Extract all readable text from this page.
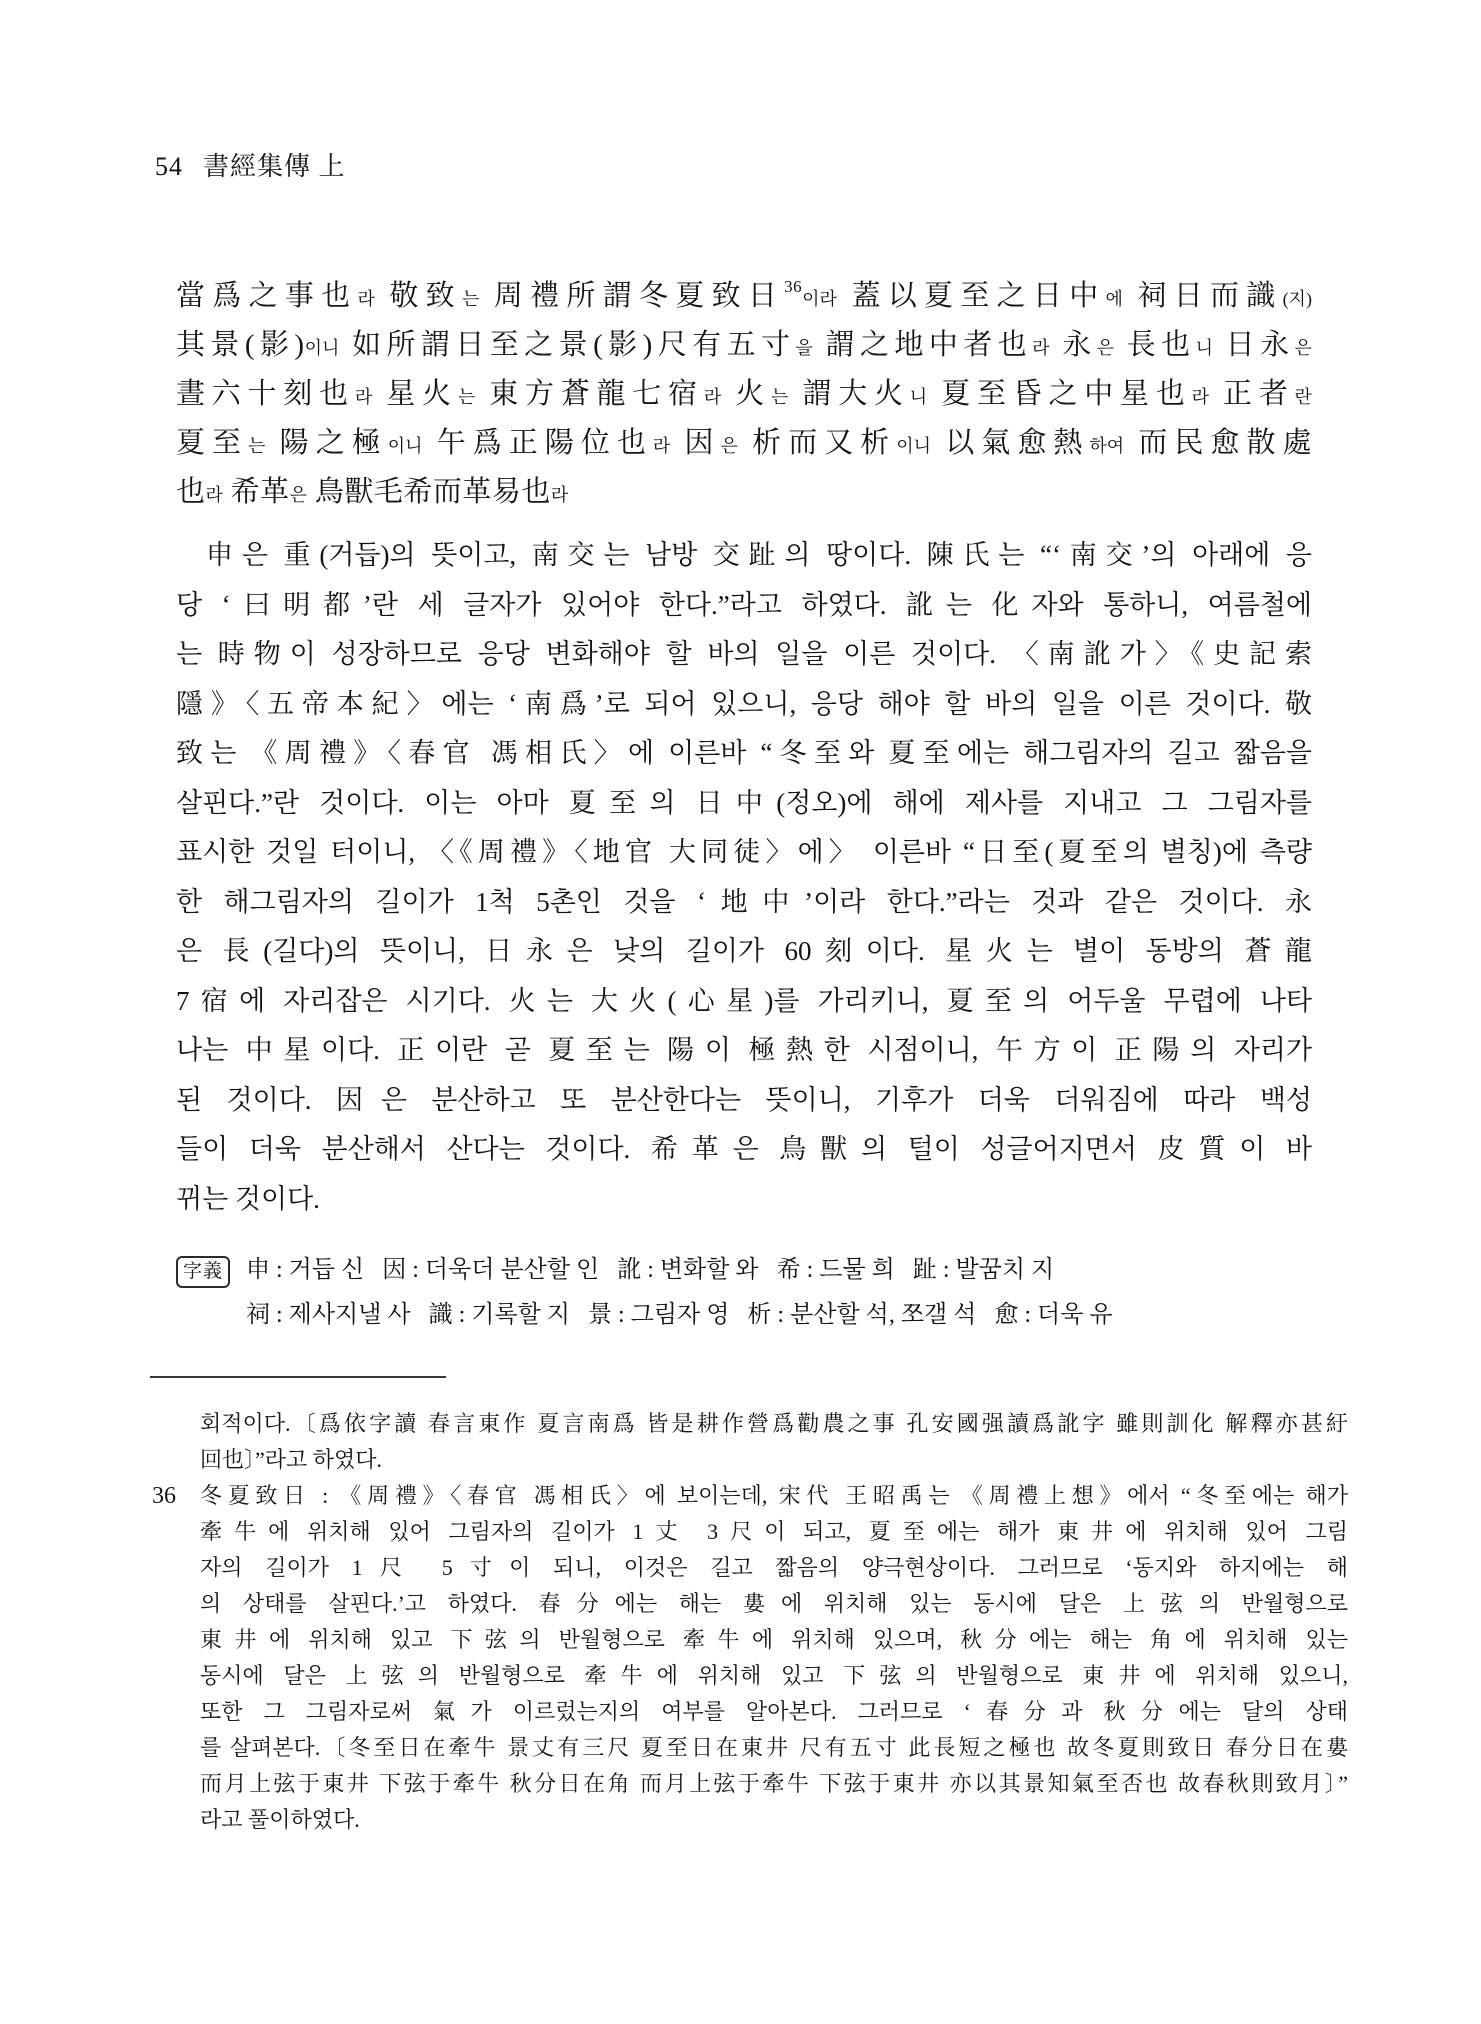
54 書經集傳 上
當爲之事也라 敬致는 周禮所謂冬夏致日$^{36}$이라 蓋以夏至之日中에 祠日而識(지)
其景(影)이니 如所謂日至之景(影)尺有五寸을 謂之地中者也라 永은 長也니 日永은
晝六十刻也라 星火는 東方蒼龍七宿라 火는 謂大火니 夏至昏之中星也라 正者란
夏至는 陽之極이니 午爲正陽位也라 因은 析而又析이니 以氣愈熱하여 而民愈散處
也라 希革은 鳥獸毛希而革易也라
申은 重(거듭)의 뜻이고, 南交는 남방 交趾의 땅이다. 陳氏는 “‘南交’의 아래에 응
당 ‘曰明都’란 세 글자가 있어야 한다.”라고 하였다. 訛는 化자와 통하니, 여름철에
는 時物이 성장하므로 응당 변화해야 할 바의 일을 이른 것이다. 〈南訛가〉《史記索
隱》〈五帝本紀〉에는 ‘南爲’로 되어 있으니, 응당 해야 할 바의 일을 이른 것이다. 敬
致는 《周禮》〈春官 馮相氏〉에 이른바 “冬至와 夏至에는 해그림자의 길고 짧음을
살핀다.”란 것이다. 이는 아마 夏至의 日中(정오)에 해에 제사를 지내고 그 그림자를
표시한 것일 터이니, 〈《周禮》〈地官 大同徒〉에〉 이른바 “日至(夏至의 별칭)에 측량
한 해그림자의 길이가 1척 5촌인 것을 ‘地中’이라 한다.”라는 것과 같은 것이다. 永
은 長(길다)의 뜻이니, 日永은 낮의 길이가 60刻이다. 星火는 별이 동방의 蒼龍
7宿에 자리잡은 시기다. 火는 大火(心星)를 가리키니, 夏至의 어두울 무렵에 나타
나는 中星이다. 正이란 곧 夏至는 陽이 極熱한 시점이니, 午方이 正陽의 자리가
된 것이다. 因은 분산하고 또 분산한다는 뜻이니, 기후가 더욱 더워짐에 따라 백성
들이 더욱 분산해서 산다는 것이다. 希革은 鳥獸의 털이 성글어지면서 皮質이 바
뀌는 것이다.
字義 申 : 거듭 신   因 : 더욱더 분산할 인   訛 : 변화할 와   希 : 드물 희   趾 : 발꿈치 지
祠 : 제사지낼 사   識 : 기록할 지   景 : 그림자 영   析 : 분산할 석, 쪼갤 석   愈 : 더욱 유
회적이다.〔爲依字讀 春言東作 夏言南爲 皆是耕作營爲勸農之事 孔安國强讀爲訛字 雖則訓化 解釋亦甚紆
回也〕”라고 하였다.
36	冬夏致日 : 《周禮》〈春官 馮相氏〉에 보이는데, 宋代 王昭禹는 《周禮上想》에서 “冬至에는 해가
牽牛에 위치해 있어 그림자의 길이가 1丈 3尺이 되고, 夏至에는 해가 東井에 위치해 있어 그림
자의 길이가 1尺 5寸이 되니, 이것은 길고 짧음의 양극현상이다. 그러므로 ‘동지와 하지에는 해
의 상태를 살핀다.’고 하였다. 春分에는 해는 婁에 위치해 있는 동시에 달은 上弦의 반월형으로
東井에 위치해 있고 下弦의 반월형으로 牽牛에 위치해 있으며, 秋分에는 해는 角에 위치해 있는
동시에 달은 上弦의 반월형으로 牽牛에 위치해 있고 下弦의 반월형으로 東井에 위치해 있으니,
또한 그 그림자로써 氣가 이르렀는지의 여부를 알아본다. 그러므로 ‘春分과 秋分에는 달의 상태
를 살펴본다.〔冬至日在牽牛 景丈有三尺 夏至日在東井 尺有五寸 此長短之極也 故冬夏則致日 春分日在婁
而月上弦于東井 下弦于牽牛 秋分日在角 而月上弦于牽牛 下弦于東井 亦以其景知氣至否也 故春秋則致月〕”
라고 풀이하였다.
